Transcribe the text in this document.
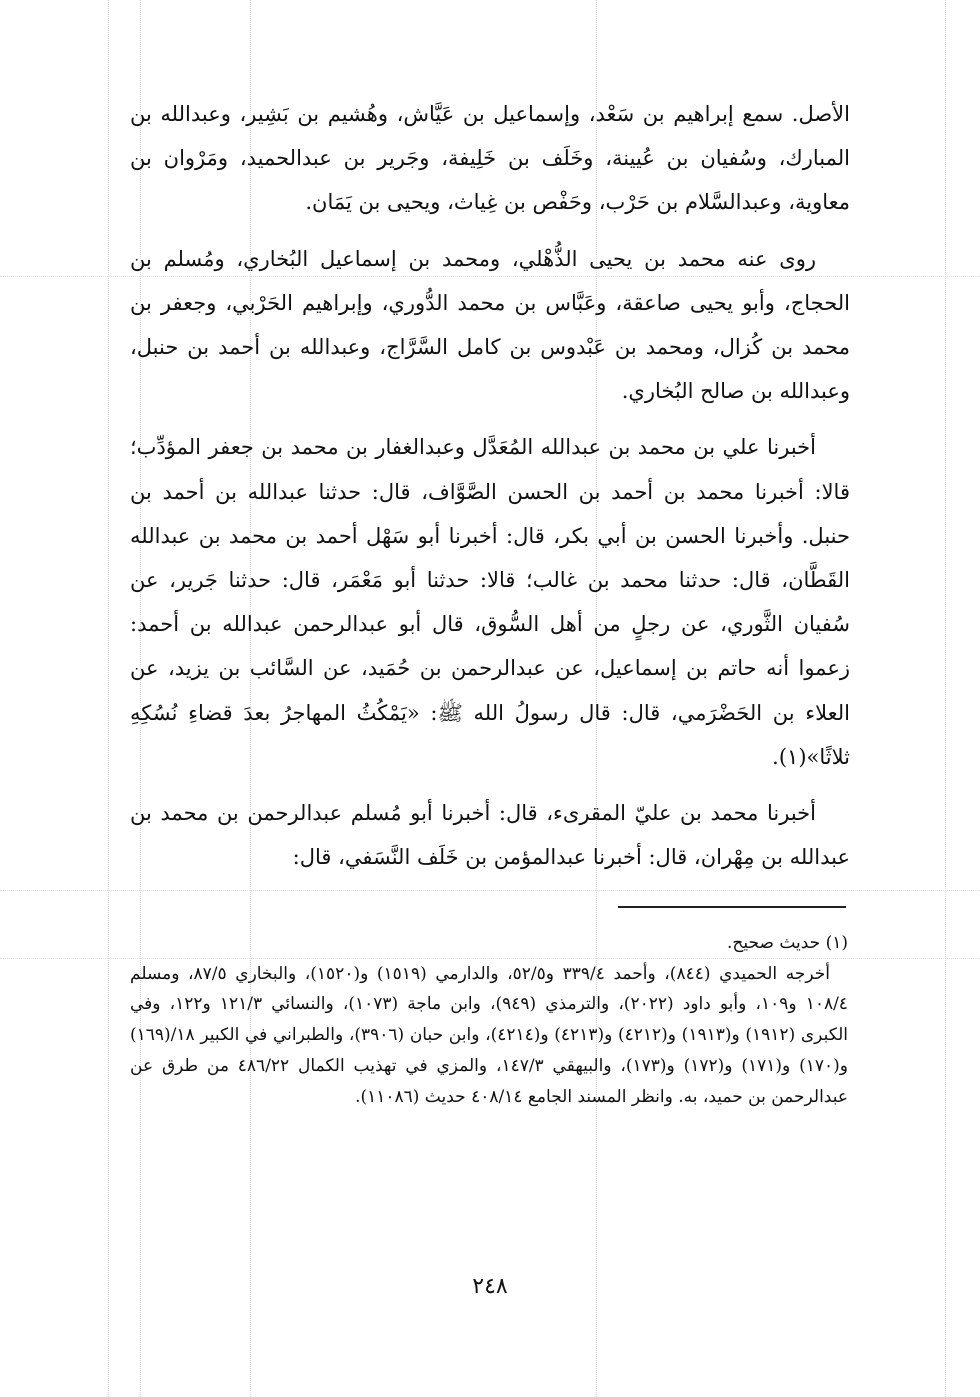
الأصل. سمع إبراهيم بن سَعْد، وإسماعيل بن عَيَّاش، وهُشيم بن بَشِير، وعبدالله بن المبارك، وسُفيان بن عُيينة، وخَلَف بن خَلِيفة، وجَرير بن عبدالحميد، ومَرْوان بن معاوية، وعبدالسَّلام بن حَرْب، وحَفْص بن غِياث، ويحيى بن يَمَان.

روى عنه محمد بن يحيى الذُّهْلي، ومحمد بن إسماعيل البُخاري، ومُسلم بن الحجاج، وأبو يحيى صاعقة، وعَبَّاس بن محمد الدُّوري، وإبراهيم الحَرْبي، وجعفر بن محمد بن كُزال، ومحمد بن عَبْدوس بن كامل السَّرَّاج، وعبدالله بن أحمد بن حنبل، وعبدالله بن صالح البُخاري.

أخبرنا علي بن محمد بن عبدالله المُعَدَّل وعبدالغفار بن محمد بن جعفر المؤدِّب؛ قالا: أخبرنا محمد بن أحمد بن الحسن الصَّوَّاف، قال: حدثنا عبدالله بن أحمد بن حنبل. وأخبرنا الحسن بن أبي بكر، قال: أخبرنا أبو سَهْل أحمد بن محمد بن عبدالله القَطَّان، قال: حدثنا محمد بن غالب؛ قالا: حدثنا أبو مَعْمَر، قال: حدثنا جَرير، عن سُفيان الثَّوري، عن رجلٍ من أهل السُّوق، قال أبو عبدالرحمن عبدالله بن أحمد: زعموا أنه حاتم بن إسماعيل، عن عبدالرحمن بن حُمَيد، عن السَّائب بن يزيد، عن العلاء بن الحَضْرَمي، قال: قال رسولُ الله ﷺ: «يَمْكُثُ المهاجرُ بعدَ قضاءِ نُسُكِهِ ثلاثًا»(١).

أخبرنا محمد بن عليّ المقرىء، قال: أخبرنا أبو مُسلم عبدالرحمن بن محمد بن عبدالله بن مِهْران، قال: أخبرنا عبدالمؤمن بن خَلَف النَّسَفي، قال:

(١) حديث صحيح.

أخرجه الحميدي (٨٤٤)، وأحمد ٣٣٩/٤ و٥٢/٥، والدارمي (١٥١٩) و(١٥٢٠)، والبخاري ٨٧/٥، ومسلم ١٠٨/٤ و١٠٩، وأبو داود (٢٠٢٢)، والترمذي (٩٤٩)، وابن ماجة (١٠٧٣)، والنسائي ١٢١/٣ و١٢٢، وفي الكبرى (١٩١٢) و(١٩١٣) و(٤٢١٢) و(٤٢١٣) و(٤٢١٤)، وابن حبان (٣٩٠٦)، والطبراني في الكبير ١٨/(١٦٩) و(١٧٠) و(١٧١) و(١٧٢) و(١٧٣)، والبيهقي ١٤٧/٣، والمزي في تهذيب الكمال ٤٨٦/٢٢ من طرق عن عبدالرحمن بن حميد، به. وانظر المسند الجامع ٤٠٨/١٤ حديث (١١٠٨٦).

٢٤٨
